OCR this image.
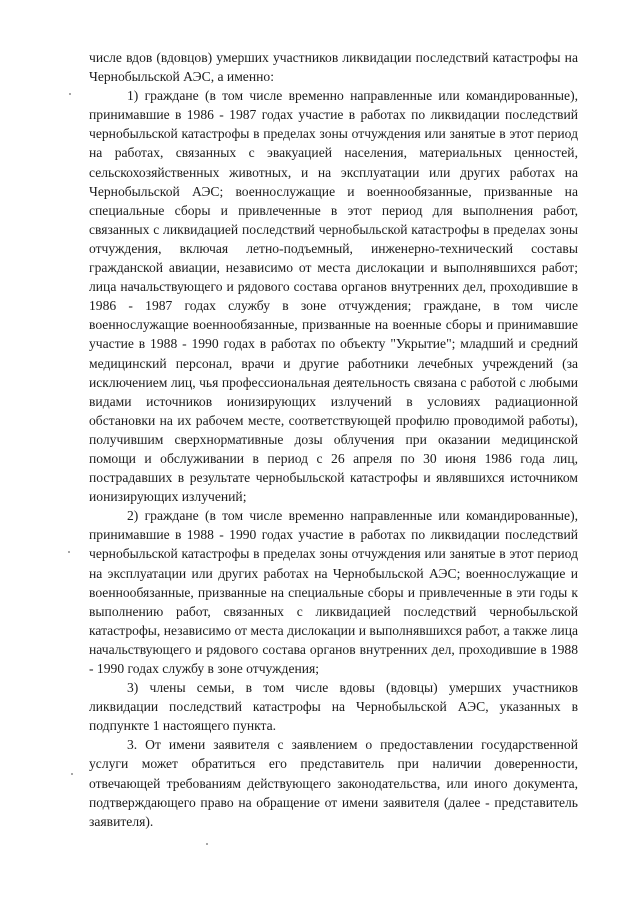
числе вдов (вдовцов) умерших участников ликвидации последствий катастрофы на Чернобыльской АЭС, а именно:

1) граждане (в том числе временно направленные или командированные), принимавшие в 1986 - 1987 годах участие в работах по ликвидации последствий чернобыльской катастрофы в пределах зоны отчуждения или занятые в этот период на работах, связанных с эвакуацией населения, материальных ценностей, сельскохозяйственных животных, и на эксплуатации или других работах на Чернобыльской АЭС; военнослужащие и военнообязанные, призванные на специальные сборы и привлеченные в этот период для выполнения работ, связанных с ликвидацией последствий чернобыльской катастрофы в пределах зоны отчуждения, включая летно-подъемный, инженерно-технический составы гражданской авиации, независимо от места дислокации и выполнявшихся работ; лица начальствующего и рядового состава органов внутренних дел, проходившие в 1986 - 1987 годах службу в зоне отчуждения; граждане, в том числе военнослужащие военнообязанные, призванные на военные сборы и принимавшие участие в 1988 - 1990 годах в работах по объекту "Укрытие"; младший и средний медицинский персонал, врачи и другие работники лечебных учреждений (за исключением лиц, чья профессиональная деятельность связана с работой с любыми видами источников ионизирующих излучений в условиях радиационной обстановки на их рабочем месте, соответствующей профилю проводимой работы), получившим сверхнормативные дозы облучения при оказании медицинской помощи и обслуживании в период с 26 апреля по 30 июня 1986 года лиц, пострадавших в результате чернобыльской катастрофы и являвшихся источником ионизирующих излучений;

2) граждане (в том числе временно направленные или командированные), принимавшие в 1988 - 1990 годах участие в работах по ликвидации последствий чернобыльской катастрофы в пределах зоны отчуждения или занятые в этот период на эксплуатации или других работах на Чернобыльской АЭС; военнослужащие и военнообязанные, призванные на специальные сборы и привлеченные в эти годы к выполнению работ, связанных с ликвидацией последствий чернобыльской катастрофы, независимо от места дислокации и выполнявшихся работ, а также лица начальствующего и рядового состава органов внутренних дел, проходившие в 1988 - 1990 годах службу в зоне отчуждения;

3) члены семьи, в том числе вдовы (вдовцы) умерших участников ликвидации последствий катастрофы на Чернобыльской АЭС, указанных в подпункте 1 настоящего пункта.

3. От имени заявителя с заявлением о предоставлении государственной услуги может обратиться его представитель при наличии доверенности, отвечающей требованиям действующего законодательства, или иного документа, подтверждающего право на обращение от имени заявителя (далее - представитель заявителя).
